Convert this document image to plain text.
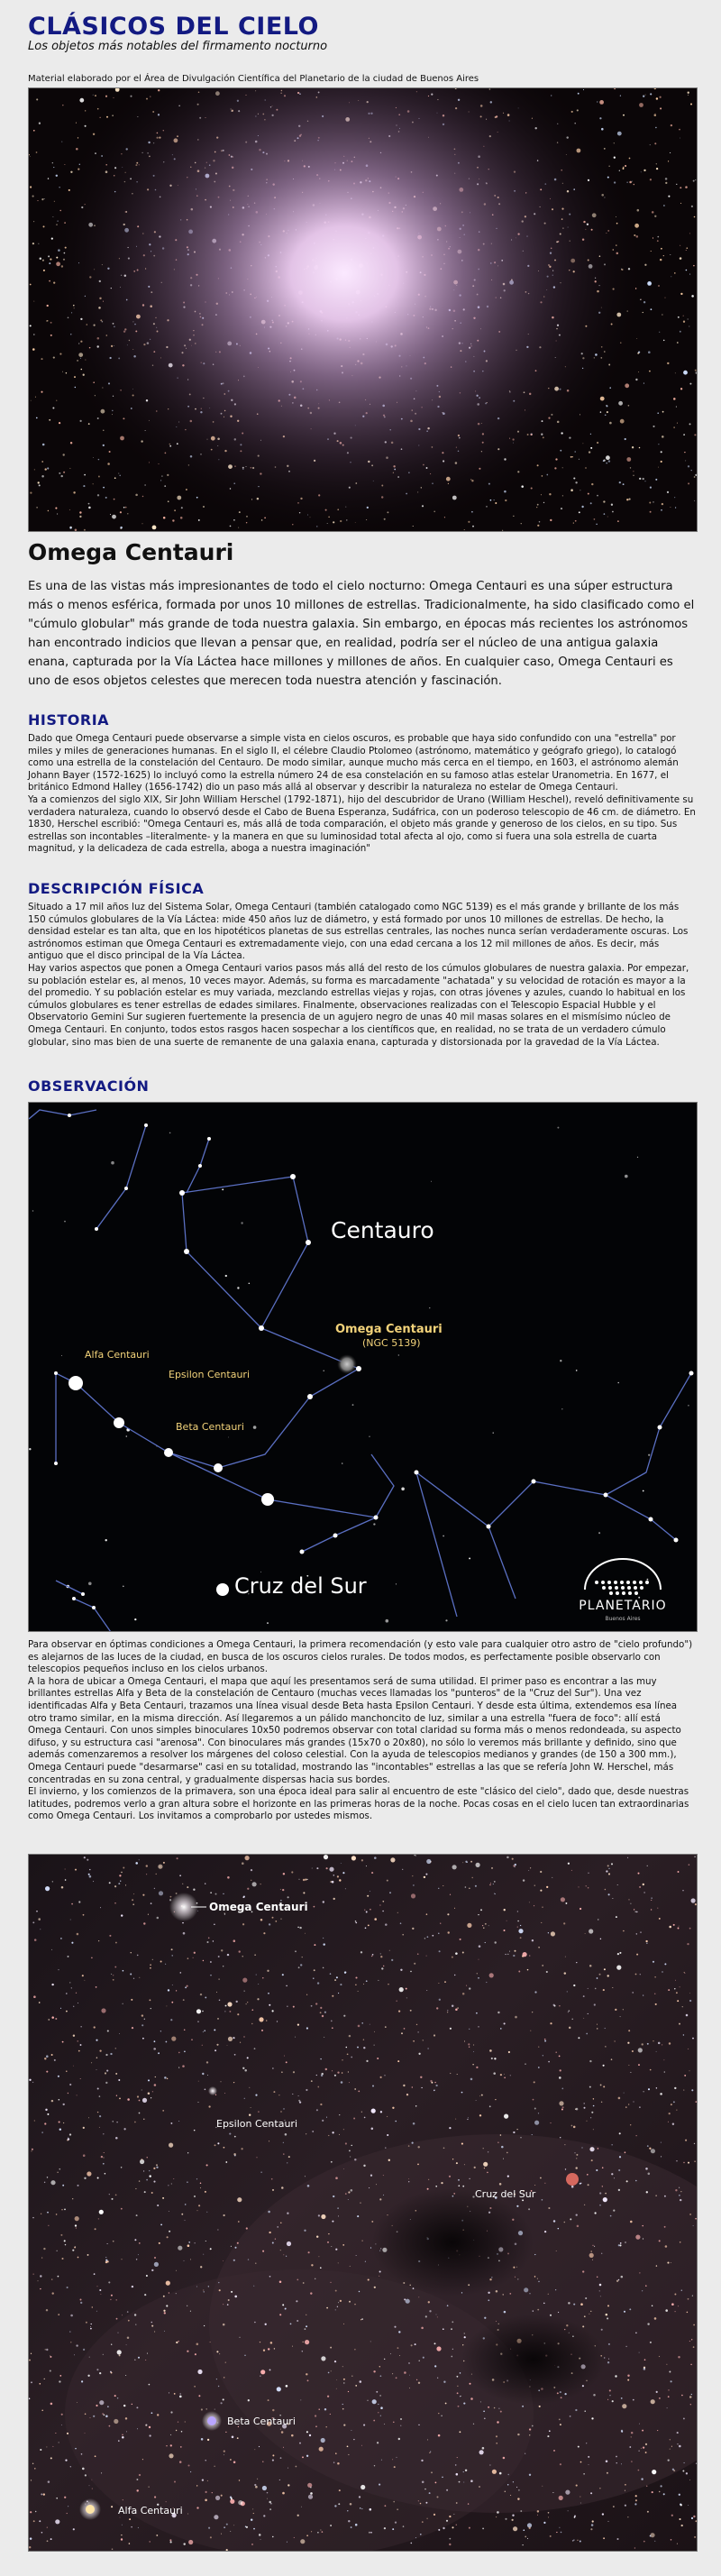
CLÁSICOS DEL CIELO
Los objetos más notables del firmamento nocturno
Material elaborado por el Área de Divulgación Científica del Planetario de la ciudad de Buenos Aires
Omega Centauri

Es una de las vistas más impresionantes de todo el cielo nocturno: Omega Centauri es una súper estructura más o menos esférica, formada por unos 10 millones de estrellas. Tradicionalmente, ha sido clasificado como el "cúmulo globular" más grande de toda nuestra galaxia. Sin embargo, en épocas más recientes los astrónomos han encontrado indicios que llevan a pensar que, en realidad, podría ser el núcleo de una antigua galaxia enana, capturada por la Vía Láctea hace millones y millones de años. En cualquier caso, Omega Centauri es uno de esos objetos celestes que merecen toda nuestra atención y fascinación.

HISTORIA

Dado que Omega Centauri puede observarse a simple vista en cielos oscuros, es probable que haya sido confundido con una "estrella" por miles y miles de generaciones humanas. En el siglo II, el célebre Claudio Ptolomeo (astrónomo, matemático y geógrafo griego), lo catalogó como una estrella de la constelación del Centauro. De modo similar, aunque mucho más cerca en el tiempo, en 1603, el astrónomo alemán Johann Bayer (1572-1625) lo incluyó como la estrella número 24 de esa constelación en su famoso atlas estelar Uranometria. En 1677, el británico Edmond Halley (1656-1742) dio un paso más allá al observar y describir la naturaleza no estelar de Omega Centauri.

Ya a comienzos del siglo XIX, Sir John William Herschel (1792-1871), hijo del descubridor de Urano (William Heschel), reveló definitivamente su verdadera naturaleza, cuando lo observó desde el Cabo de Buena Esperanza, Sudáfrica, con un poderoso telescopio de 46 cm. de diámetro. En 1830, Herschel escribió: "Omega Centauri es, más allá de toda comparación, el objeto más grande y generoso de los cielos, en su tipo. Sus estrellas son incontables –literalmente- y la manera en que su luminosidad total afecta al ojo, como si fuera una sola estrella de cuarta magnitud, y la delicadeza de cada estrella, aboga a nuestra imaginación"

DESCRIPCIÓN FÍSICA

Situado a 17 mil años luz del Sistema Solar, Omega Centauri (también catalogado como NGC 5139) es el más grande y brillante de los más 150 cúmulos globulares de la Vía Láctea: mide 450 años luz de diámetro, y está formado por unos 10 millones de estrellas. De hecho, la densidad estelar es tan alta, que en los hipotéticos planetas de sus estrellas centrales, las noches nunca serían verdaderamente oscuras. Los astrónomos estiman que Omega Centauri es extremadamente viejo, con una edad cercana a los 12 mil millones de años. Es decir, más antiguo que el disco principal de la Vía Láctea.

Hay varios aspectos que ponen a Omega Centauri varios pasos más allá del resto de los cúmulos globulares de nuestra galaxia. Por empezar, su población estelar es, al menos, 10 veces mayor. Además, su forma es marcadamente "achatada" y su velocidad de rotación es mayor a la del promedio. Y su población estelar es muy variada, mezclando estrellas viejas y rojas, con otras jóvenes y azules, cuando lo habitual en los cúmulos globulares es tener estrellas de edades similares. Finalmente, observaciones realizadas con el Telescopio Espacial Hubble y el Observatorio Gemini Sur sugieren fuertemente la presencia de un agujero negro de unas 40 mil masas solares en el mismísimo núcleo de Omega Centauri. En conjunto, todos estos rasgos hacen sospechar a los científicos que, en realidad, no se trata de un verdadero cúmulo globular, sino mas bien de una suerte de remanente de una galaxia enana, capturada y distorsionada por la gravedad de la Vía Láctea.

OBSERVACIÓN
Centauro
Omega Centauri
(NGC 5139)
Alfa Centauri
Epsilon Centauri
Beta Centauri
Cruz del Sur
PLANETARIO
Buenos Aires

Para observar en óptimas condiciones a Omega Centauri, la primera recomendación (y esto vale para cualquier otro astro de "cielo profundo") es alejarnos de las luces de la ciudad, en busca de los oscuros cielos rurales. De todos modos, es perfectamente posible observarlo con telescopios pequeños incluso en los cielos urbanos.

A la hora de ubicar a Omega Centauri, el mapa que aquí les presentamos será de suma utilidad. El primer paso es encontrar a las muy brillantes estrellas Alfa y Beta de la constelación de Centauro (muchas veces llamadas los "punteros" de la "Cruz del Sur"). Una vez identificadas Alfa y Beta Centauri, trazamos una línea visual desde Beta hasta Epsilon Centauri. Y desde esta última, extendemos esa línea otro tramo similar, en la misma dirección. Así llegaremos a un pálido manchoncito de luz, similar a una estrella "fuera de foco": allí está Omega Centauri. Con unos simples binoculares 10x50 podremos observar con total claridad su forma más o menos redondeada, su aspecto difuso, y su estructura casi "arenosa". Con binoculares más grandes (15x70 o 20x80), no sólo lo veremos más brillante y definido, sino que además comenzaremos a resolver los márgenes del coloso celestial. Con la ayuda de telescopios medianos y grandes (de 150 a 300 mm.), Omega Centauri puede "desarmarse" casi en su totalidad, mostrando las "incontables" estrellas a las que se refería John W. Herschel, más concentradas en su zona central, y gradualmente dispersas hacia sus bordes.

El invierno, y los comienzos de la primavera, son una época ideal para salir al encuentro de este "clásico del cielo", dado que, desde nuestras latitudes, podremos verlo a gran altura sobre el horizonte en las primeras horas de la noche. Pocas cosas en el cielo lucen tan extraordinarias como Omega Centauri. Los invitamos a comprobarlo por ustedes mismos.

Omega Centauri
Epsilon Centauri
Cruz del Sur
Beta Centauri
Alfa Centauri
